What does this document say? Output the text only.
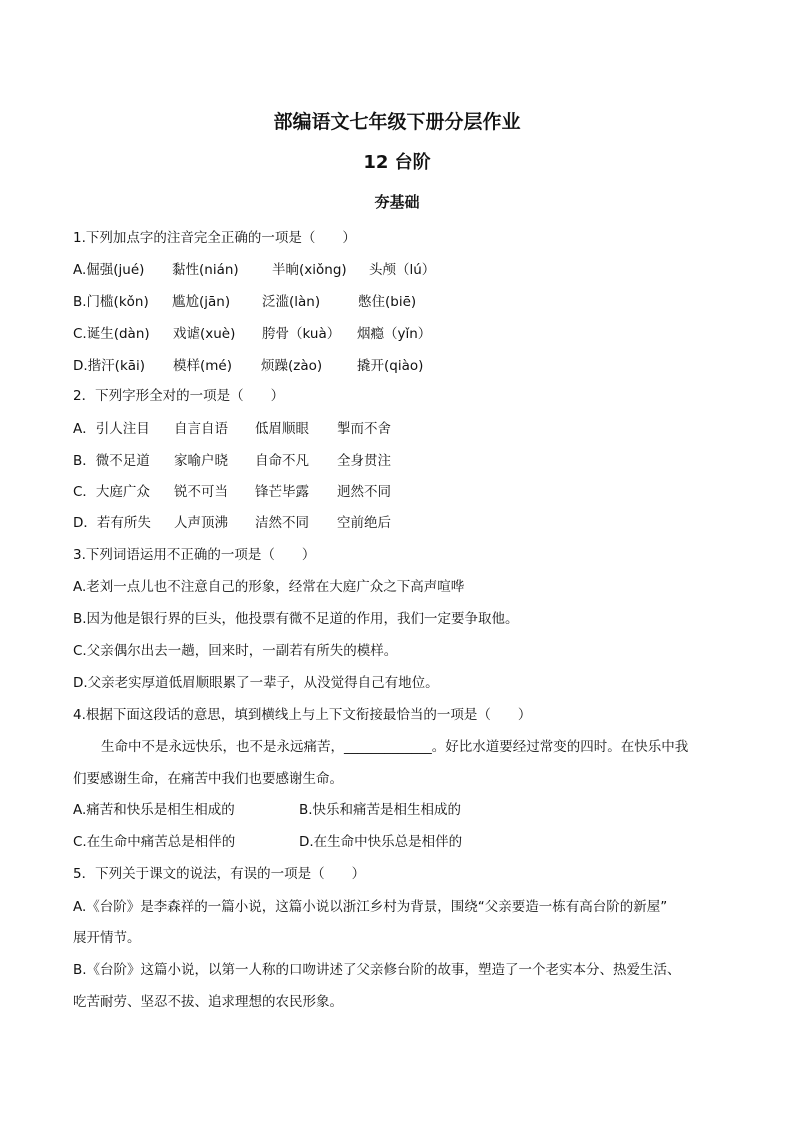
部编语文七年级下册分层作业
12 台阶
夯基础
1.下列加点字的注音完全正确的一项是（　　）
A.倔强(jué) 黏性(nián) 半晌(xiǒng) 头颅（lú）
B.门槛(kǒn) 尴尬(jān) 泛滥(làn)	憋住(biē)
C.诞生(dàn) 戏谑(xuè) 胯骨（kuà） 烟瘾（yǐn）
D.揩汗(kāi) 模样(mé) 烦躁(zào)	撬开(qiào)
2．下列字形全对的一项是（　　）
A．引人注目 自言自语 低眉顺眼 掣而不舍
B．微不足道 家喻户晓 自命不凡 全身贯注
C．大庭广众 锐不可当 锋芒毕露 迥然不同
D．若有所失 人声顶沸 洁然不同 空前绝后
3.下列词语运用不正确的一项是（　　）
A.老刘一点儿也不注意自己的形象，经常在大庭广众之下高声喧哗
B.因为他是银行界的巨头，他投票有微不足道的作用，我们一定要争取他。
C.父亲偶尔出去一趟，回来时，一副若有所失的模样。
D.父亲老实厚道低眉顺眼累了一辈子，从没觉得自己有地位。
4.根据下面这段话的意思，填到横线上与上下文衔接最恰当的一项是（　　）
生命中不是永远快乐，也不是永远痛苦，_____________。好比水道要经过常变的四时。在快乐中我
们要感谢生命，在痛苦中我们也要感谢生命。
A.痛苦和快乐是相生相成的	B.快乐和痛苦是相生相成的
C.在生命中痛苦总是相伴的	D.在生命中快乐总是相伴的
5．下列关于课文的说法，有误的一项是（　　）
A.《台阶》是李森祥的一篇小说，这篇小说以浙江乡村为背景，围绕“父亲要造一栋有高台阶的新屋”
展开情节。
B.《台阶》这篇小说，以第一人称的口吻讲述了父亲修台阶的故事，塑造了一个老实本分、热爱生活、
吃苦耐劳、坚忍不拔、追求理想的农民形象。
